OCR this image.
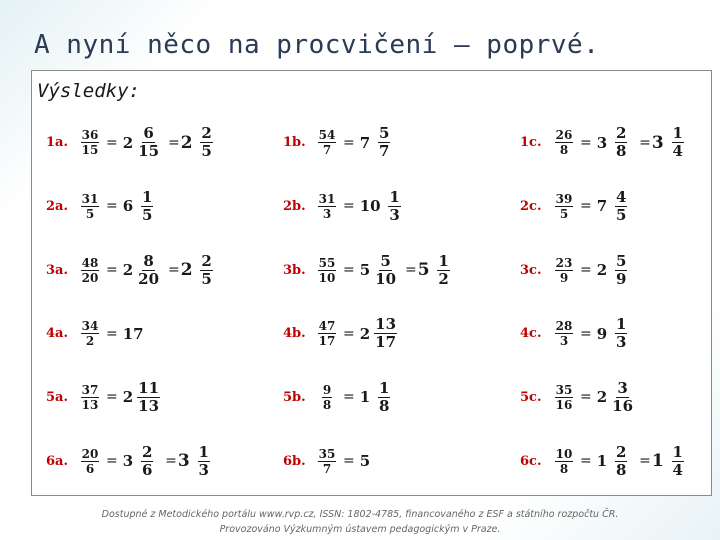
A nyní něco na procvičení – poprvé.
Výsledky:
1a. $\frac{36}{15} = 2 \frac{6}{15} = 2 \frac{2}{5}$	1b. $\frac{54}{7} = 7 \frac{5}{7}$	1c. $\frac{26}{8} = 3 \frac{2}{8} = 3 \frac{1}{4}$
2a. $\frac{31}{5} = 6 \frac{1}{5}$	2b. $\frac{31}{3} = 10 \frac{1}{3}$	2c. $\frac{39}{5} = 7 \frac{4}{5}$
3a. $\frac{48}{20} = 2 \frac{8}{20} = 2 \frac{2}{5}$	3b. $\frac{55}{10} = 5 \frac{5}{10} = 5 \frac{1}{2}$	3c. $\frac{23}{9} = 2 \frac{5}{9}$
4a. $\frac{34}{2} = 17$	4b. $\frac{47}{17} = 2 \frac{13}{17}$	4c. $\frac{28}{3} = 9 \frac{1}{3}$
5a. $\frac{37}{13} = 2 \frac{11}{13}$	5b. $\frac{9}{8} = 1 \frac{1}{8}$	5c. $\frac{35}{16} = 2 \frac{3}{16}$
6a. $\frac{20}{6} = 3 \frac{2}{6} = 3 \frac{1}{3}$	6b. $\frac{35}{7} = 5$	6c. $\frac{10}{8} = 1 \frac{2}{8} = 1 \frac{1}{4}$
Dostupné z Metodického portálu www.rvp.cz, ISSN: 1802-4785, financovaného z ESF a státního rozpočtu ČR.
Provozováno Výzkumným ústavem pedagogickým v Praze.
